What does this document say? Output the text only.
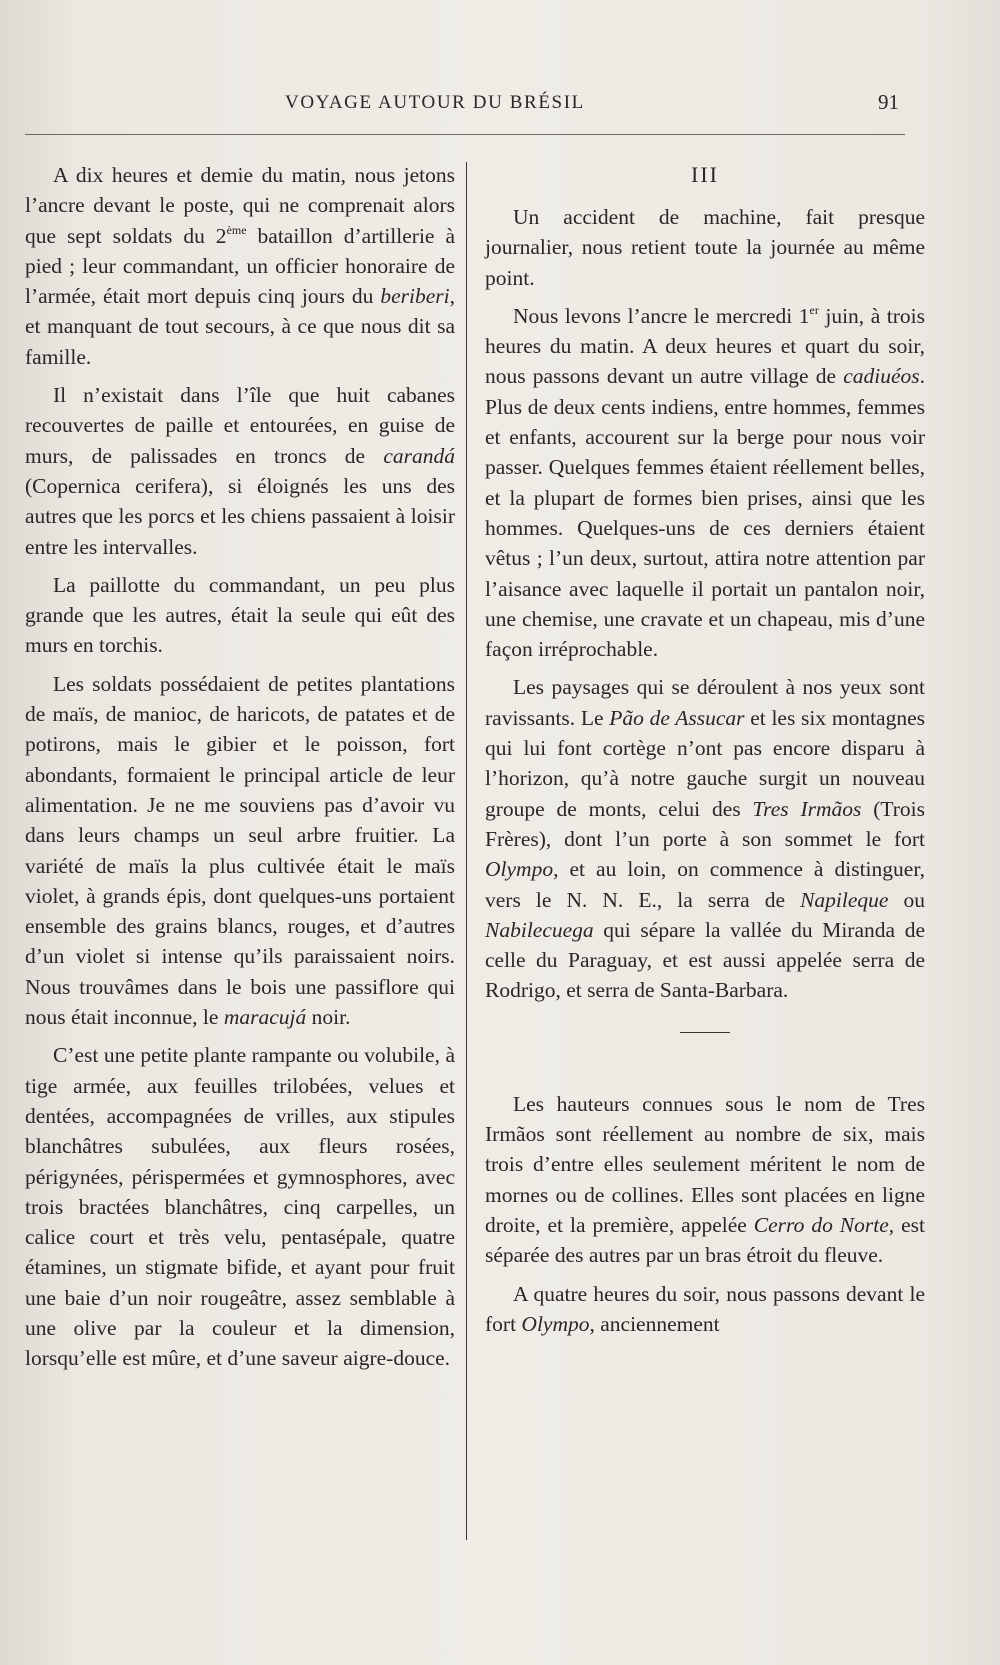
VOYAGE AUTOUR DU BRÉSIL	91

A dix heures et demie du matin, nous jetons l’ancre devant le poste, qui ne comprenait alors que sept soldats du 2ème bataillon d’artillerie à pied ; leur commandant, un officier honoraire de l’armée, était mort depuis cinq jours du beriberi, et manquant de tout secours, à ce que nous dit sa famille.

Il n’existait dans l’île que huit cabanes recouvertes de paille et entourées, en guise de murs, de palissades en troncs de carandá (Copernica cerifera), si éloignés les uns des autres que les porcs et les chiens passaient à loisir entre les intervalles.

La paillotte du commandant, un peu plus grande que les autres, était la seule qui eût des murs en torchis.

Les soldats possédaient de petites plantations de maïs, de manioc, de haricots, de patates et de potirons, mais le gibier et le poisson, fort abondants, formaient le principal article de leur alimentation. Je ne me souviens pas d’avoir vu dans leurs champs un seul arbre fruitier. La variété de maïs la plus cultivée était le maïs violet, à grands épis, dont quelques-uns portaient ensemble des grains blancs, rouges, et d’autres d’un violet si intense qu’ils paraissaient noirs. Nous trouvâmes dans le bois une passiflore qui nous était inconnue, le maracujá noir.

C’est une petite plante rampante ou volubile, à tige armée, aux feuilles trilobées, velues et dentées, accompagnées de vrilles, aux stipules blanchâtres subulées, aux fleurs rosées, périgynées, périspermées et gymnosphores, avec trois bractées blanchâtres, cinq carpelles, un calice court et très velu, pentasépale, quatre étamines, un stigmate bifide, et ayant pour fruit une baie d’un noir rougeâtre, assez semblable à une olive par la couleur et la dimension, lorsqu’elle est mûre, et d’une saveur aigre-douce.

III

Un accident de machine, fait presque journalier, nous retient toute la journée au même point.

Nous levons l’ancre le mercredi 1er juin, à trois heures du matin. A deux heures et quart du soir, nous passons devant un autre village de cadiuéos. Plus de deux cents indiens, entre hommes, femmes et enfants, accourent sur la berge pour nous voir passer. Quelques femmes étaient réellement belles, et la plupart de formes bien prises, ainsi que les hommes. Quelques-uns de ces derniers étaient vêtus ; l’un deux, surtout, attira notre attention par l’aisance avec laquelle il portait un pantalon noir, une chemise, une cravate et un chapeau, mis d’une façon irréprochable.

Les paysages qui se déroulent à nos yeux sont ravissants. Le Pão de Assucar et les six montagnes qui lui font cortège n’ont pas encore disparu à l’horizon, qu’à notre gauche surgit un nouveau groupe de monts, celui des Tres Irmãos (Trois Frères), dont l’un porte à son sommet le fort Olympo, et au loin, on commence à distinguer, vers le N. N. E., la serra de Napileque ou Nabilecuega qui sépare la vallée du Miranda de celle du Paraguay, et est aussi appelée serra de Rodrigo, et serra de Santa-Barbara.

Les hauteurs connues sous le nom de Tres Irmãos sont réellement au nombre de six, mais trois d’entre elles seulement méritent le nom de mornes ou de collines. Elles sont placées en ligne droite, et la première, appelée Cerro do Norte, est séparée des autres par un bras étroit du fleuve.

A quatre heures du soir, nous passons devant le fort Olympo, anciennement
